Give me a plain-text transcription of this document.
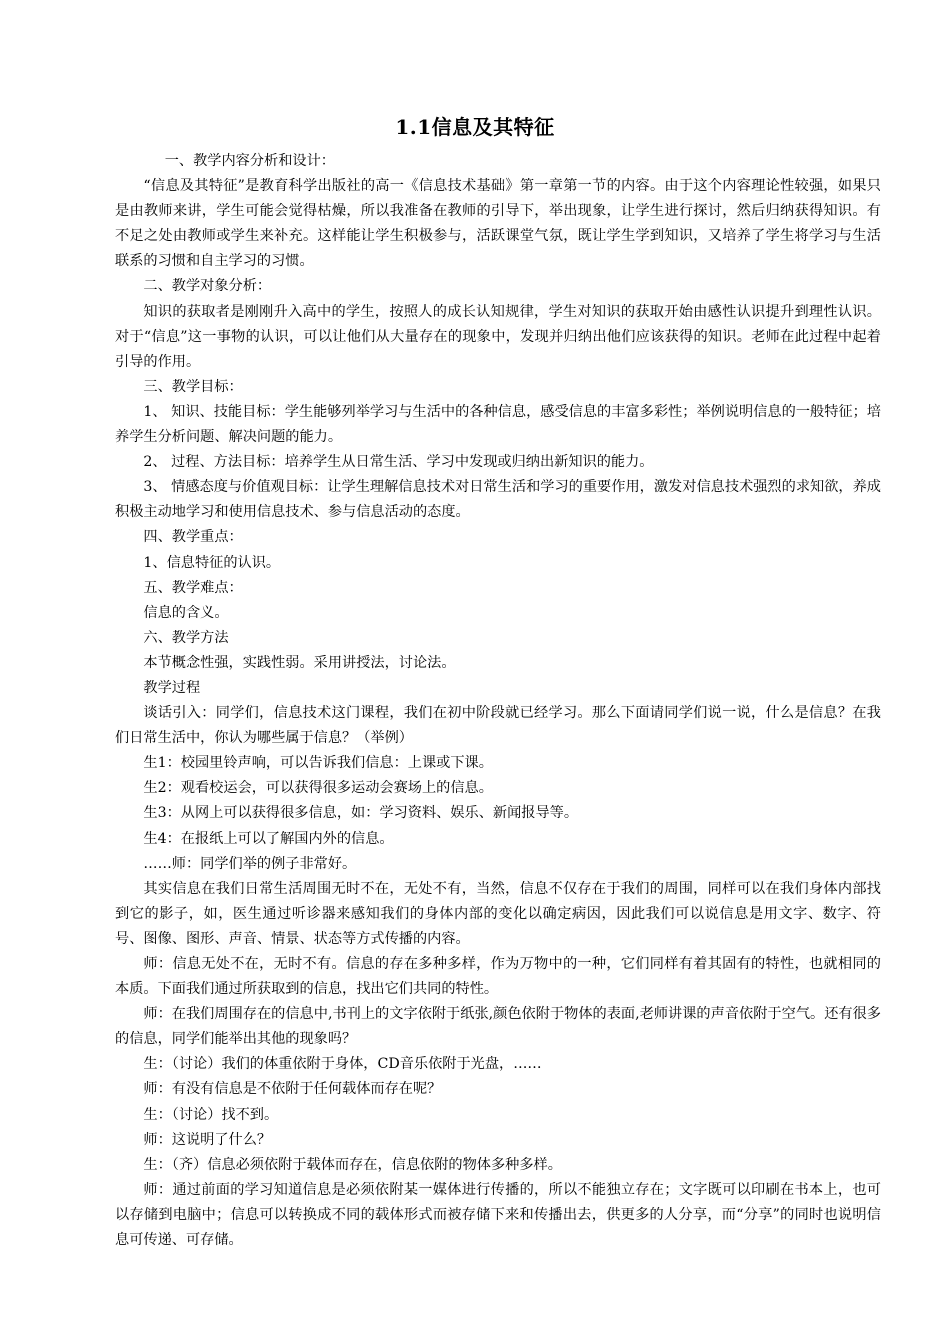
1.1信息及其特征

一、教学内容分析和设计：

“信息及其特征”是教育科学出版社的高一《信息技术基础》第一章第一节的内容。由于这个内容理论性较强，如果只是由教师来讲，学生可能会觉得枯燥，所以我准备在教师的引导下，举出现象，让学生进行探讨，然后归纳获得知识。有不足之处由教师或学生来补充。这样能让学生积极参与，活跃课堂气氛，既让学生学到知识，又培养了学生将学习与生活联系的习惯和自主学习的习惯。

二、教学对象分析：

知识的获取者是刚刚升入高中的学生，按照人的成长认知规律，学生对知识的获取开始由感性认识提升到理性认识。对于“信息”这一事物的认识，可以让他们从大量存在的现象中，发现并归纳出他们应该获得的知识。老师在此过程中起着引导的作用。

三、教学目标：

1、 知识、技能目标：学生能够列举学习与生活中的各种信息，感受信息的丰富多彩性；举例说明信息的一般特征；培养学生分析问题、解决问题的能力。

2、 过程、方法目标：培养学生从日常生活、学习中发现或归纳出新知识的能力。

3、 情感态度与价值观目标：让学生理解信息技术对日常生活和学习的重要作用，激发对信息技术强烈的求知欲，养成积极主动地学习和使用信息技术、参与信息活动的态度。

四、教学重点：

1、信息特征的认识。

五、教学难点：

信息的含义。

六、教学方法

本节概念性强，实践性弱。采用讲授法，讨论法。

教学过程

谈话引入：同学们，信息技术这门课程，我们在初中阶段就已经学习。那么下面请同学们说一说，什么是信息？在我们日常生活中，你认为哪些属于信息？（举例）

生1：校园里铃声响，可以告诉我们信息：上课或下课。

生2：观看校运会，可以获得很多运动会赛场上的信息。

生3：从网上可以获得很多信息，如：学习资料、娱乐、新闻报导等。

生4：在报纸上可以了解国内外的信息。

……师：同学们举的例子非常好。

其实信息在我们日常生活周围无时不在，无处不有，当然，信息不仅存在于我们的周围，同样可以在我们身体内部找到它的影子，如，医生通过听诊器来感知我们的身体内部的变化以确定病因，因此我们可以说信息是用文字、数字、符号、图像、图形、声音、情景、状态等方式传播的内容。

师：信息无处不在，无时不有。信息的存在多种多样，作为万物中的一种，它们同样有着其固有的特性，也就相同的本质。下面我们通过所获取到的信息，找出它们共同的特性。

师：在我们周围存在的信息中,书刊上的文字依附于纸张,颜色依附于物体的表面,老师讲课的声音依附于空气。还有很多的信息，同学们能举出其他的现象吗？

生：（讨论）我们的体重依附于身体，CD音乐依附于光盘，……

师：有没有信息是不依附于任何载体而存在呢？

生：（讨论）找不到。

师：这说明了什么？

生：（齐）信息必须依附于载体而存在，信息依附的物体多种多样。

师：通过前面的学习知道信息是必须依附某一媒体进行传播的，所以不能独立存在；文字既可以印刷在书本上，也可以存储到电脑中；信息可以转换成不同的载体形式而被存储下来和传播出去，供更多的人分享，而“分享”的同时也说明信息可传递、可存储。
